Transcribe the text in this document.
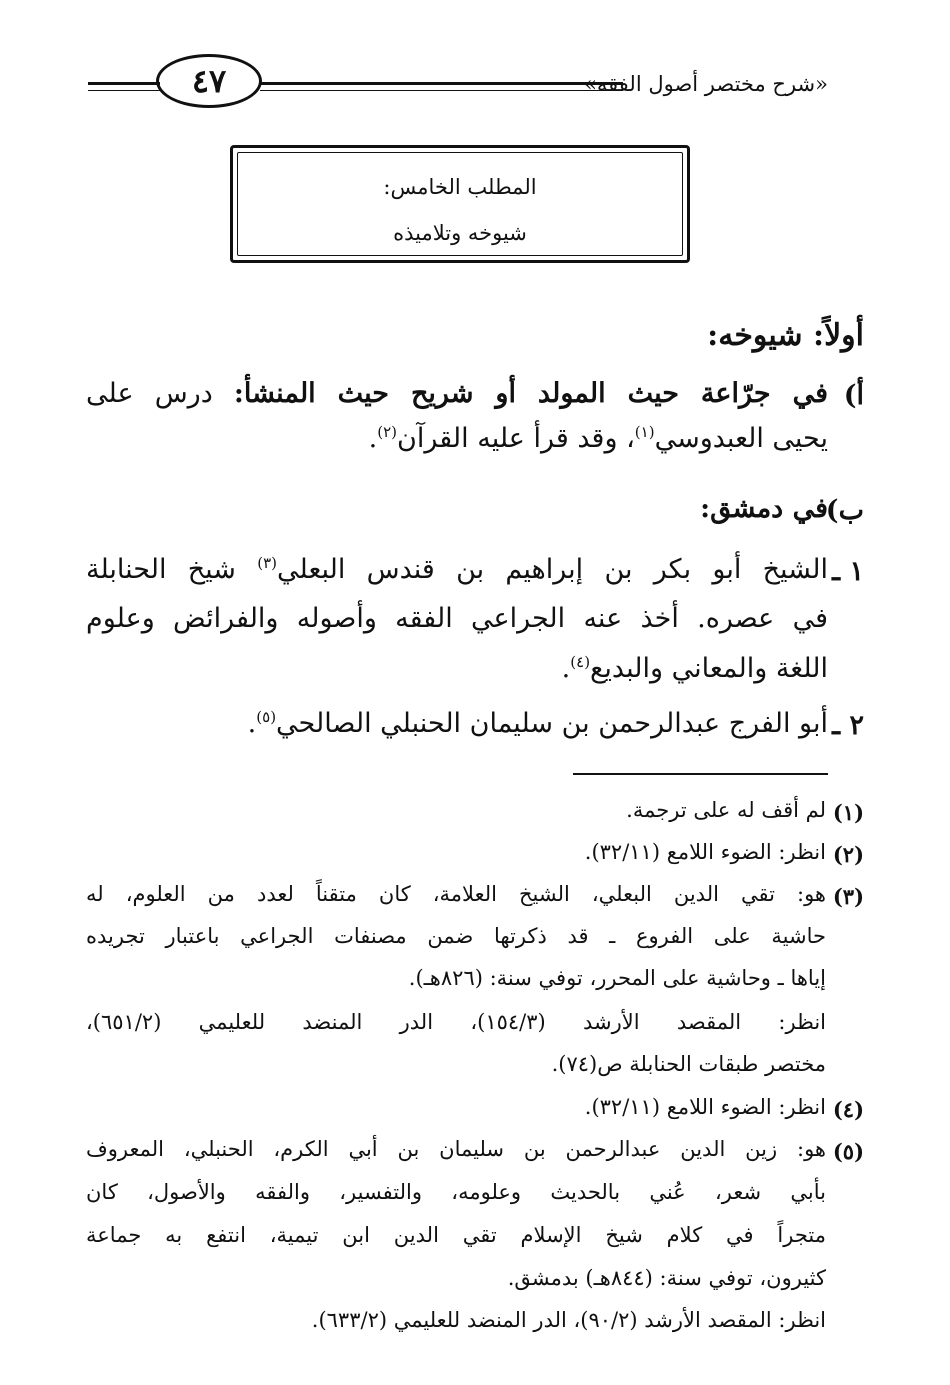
«شرح مختصر أصول الفقه»
٤٧
المطلب الخامس:
شيوخه وتلاميذه
أولاً: شيوخه:
أ)
في جرّاعة حيث المولد أو شريح حيث المنشأ: درس على
يحيى العبدوسي$^{(١)}$، وقد قرأ عليه القرآن$^{(٢)}$.
ب)
في دمشق:
١ ـ
الشيخ أبو بكر بن إبراهيم بن قندس البعلي$^{(٣)}$ شيخ الحنابلة
في عصره. أخذ عنه الجراعي الفقه وأصوله والفرائض وعلوم
اللغة والمعاني والبديع$^{(٤)}$.
٢ ـ
أبو الفرج عبدالرحمن بن سليمان الحنبلي الصالحي$^{(٥)}$.
(١)
لم أقف له على ترجمة.
(٢)
انظر: الضوء اللامع (٣٢/١١).
(٣)
هو: تقي الدين البعلي، الشيخ العلامة، كان متقناً لعدد من العلوم، له
حاشية على الفروع ـ قد ذكرتها ضمن مصنفات الجراعي باعتبار تجريده
إياها ـ وحاشية على المحرر، توفي سنة: (٨٢٦هـ).
انظر: المقصد الأرشد (١٥٤/٣)، الدر المنضد للعليمي (٦٥١/٢)،
مختصر طبقات الحنابلة ص(٧٤).
(٤)
انظر: الضوء اللامع (٣٢/١١).
(٥)
هو: زين الدين عبدالرحمن بن سليمان بن أبي الكرم، الحنبلي، المعروف
بأبي شعر، عُني بالحديث وعلومه، والتفسير، والفقه والأصول، كان
متجراً في كلام شيخ الإسلام تقي الدين ابن تيمية، انتفع به جماعة
كثيرون، توفي سنة: (٨٤٤هـ) بدمشق.
انظر: المقصد الأرشد (٩٠/٢)، الدر المنضد للعليمي (٦٣٣/٢).
